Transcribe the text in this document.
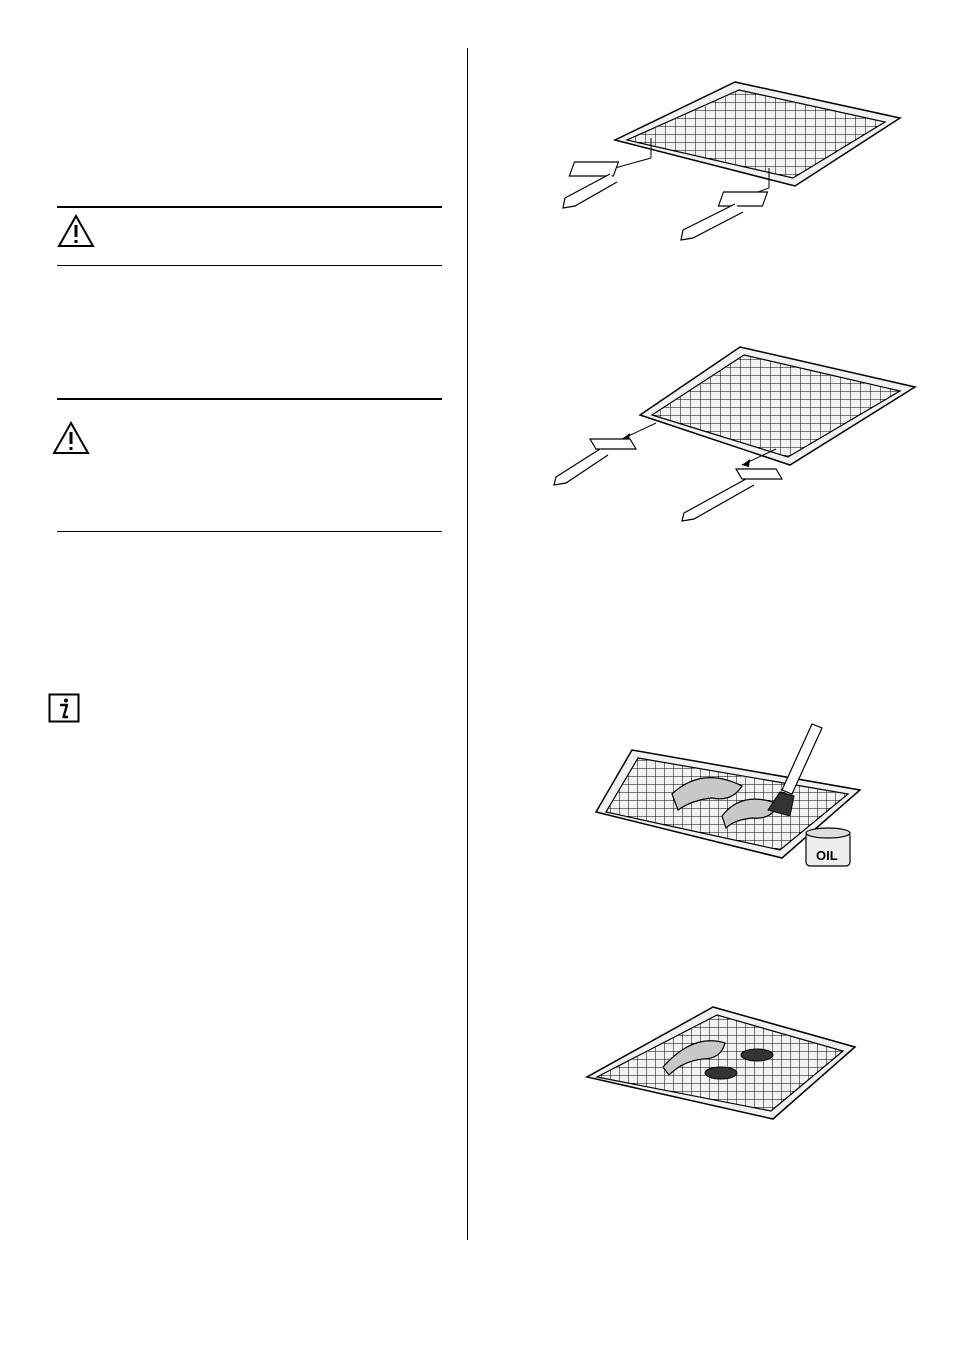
OIL
